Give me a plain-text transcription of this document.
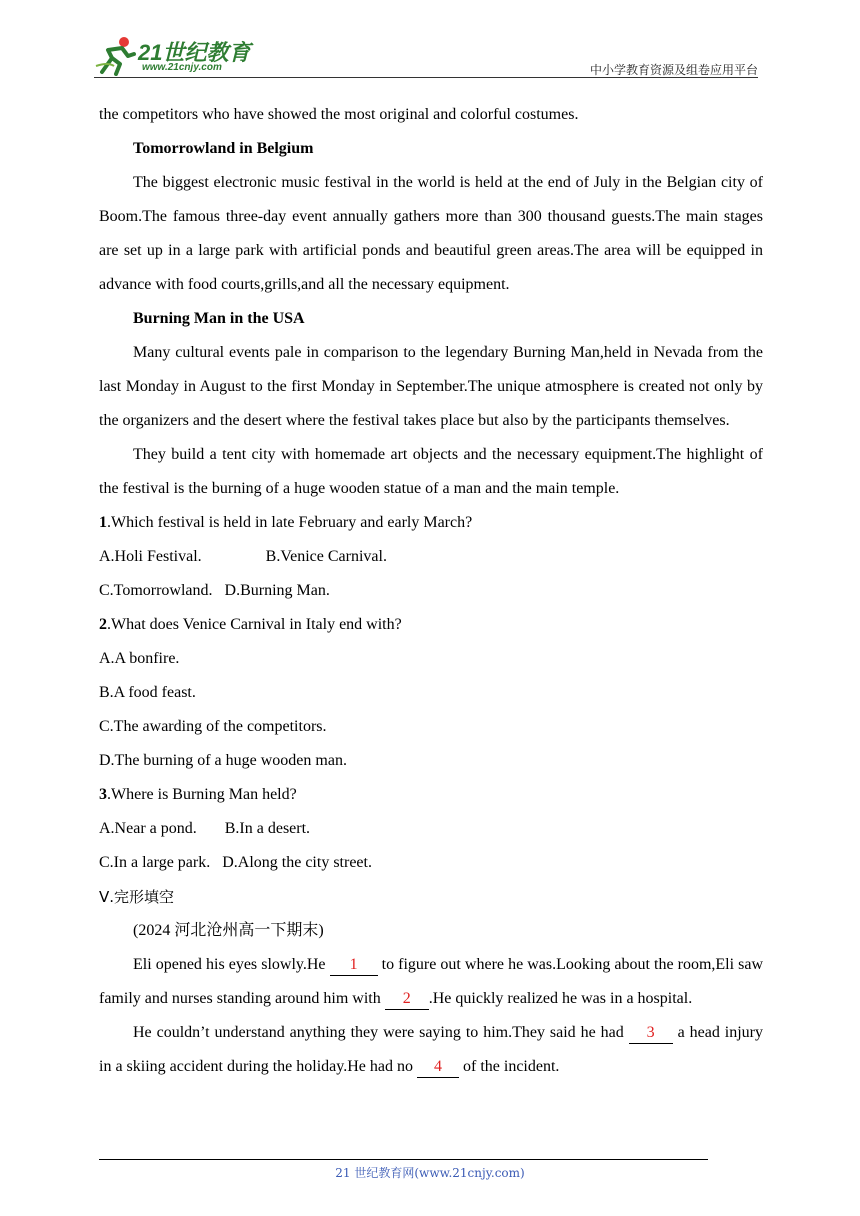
21世纪教育
www.21cnjy.com	中小学教育资源及组卷应用平台

the competitors who have showed the most original and colorful costumes.

Tomorrowland in Belgium

The biggest electronic music festival in the world is held at the end of July in the Belgian city of Boom.The famous three-day event annually gathers more than 300 thousand guests.The main stages are set up in a large park with artificial ponds and beautiful green areas.The area will be equipped in advance with food courts,grills,and all the necessary equipment.

Burning Man in the USA

Many cultural events pale in comparison to the legendary Burning Man,held in Nevada from the last Monday in August to the first Monday in September.The unique atmosphere is created not only by the organizers and the desert where the festival takes place but also by the participants themselves.

They build a tent city with homemade art objects and the necessary equipment.The highlight of the festival is the burning of a huge wooden statue of a man and the main temple.

1.Which festival is held in late February and early March?

A.Holi Festival.                B.Venice Carnival.

C.Tomorrowland.   D.Burning Man.

2.What does Venice Carnival in Italy end with?

A.A bonfire.

B.A food feast.

C.The awarding of the competitors.

D.The burning of a huge wooden man.

3.Where is Burning Man held?

A.Near a pond.       B.In a desert.

C.In a large park.   D.Along the city street.

Ⅴ.完形填空

(2024 河北沧州高一下期末)

Eli opened his eyes slowly.He 1 to figure out where he was.Looking about the room,Eli saw family and nurses standing around him with 2 .He quickly realized he was in a hospital.

He couldn’t understand anything they were saying to him.They said he had 3 a head injury in a skiing accident during the holiday.He had no 4 of the incident.

21 世纪教育网(www.21cnjy.com)
